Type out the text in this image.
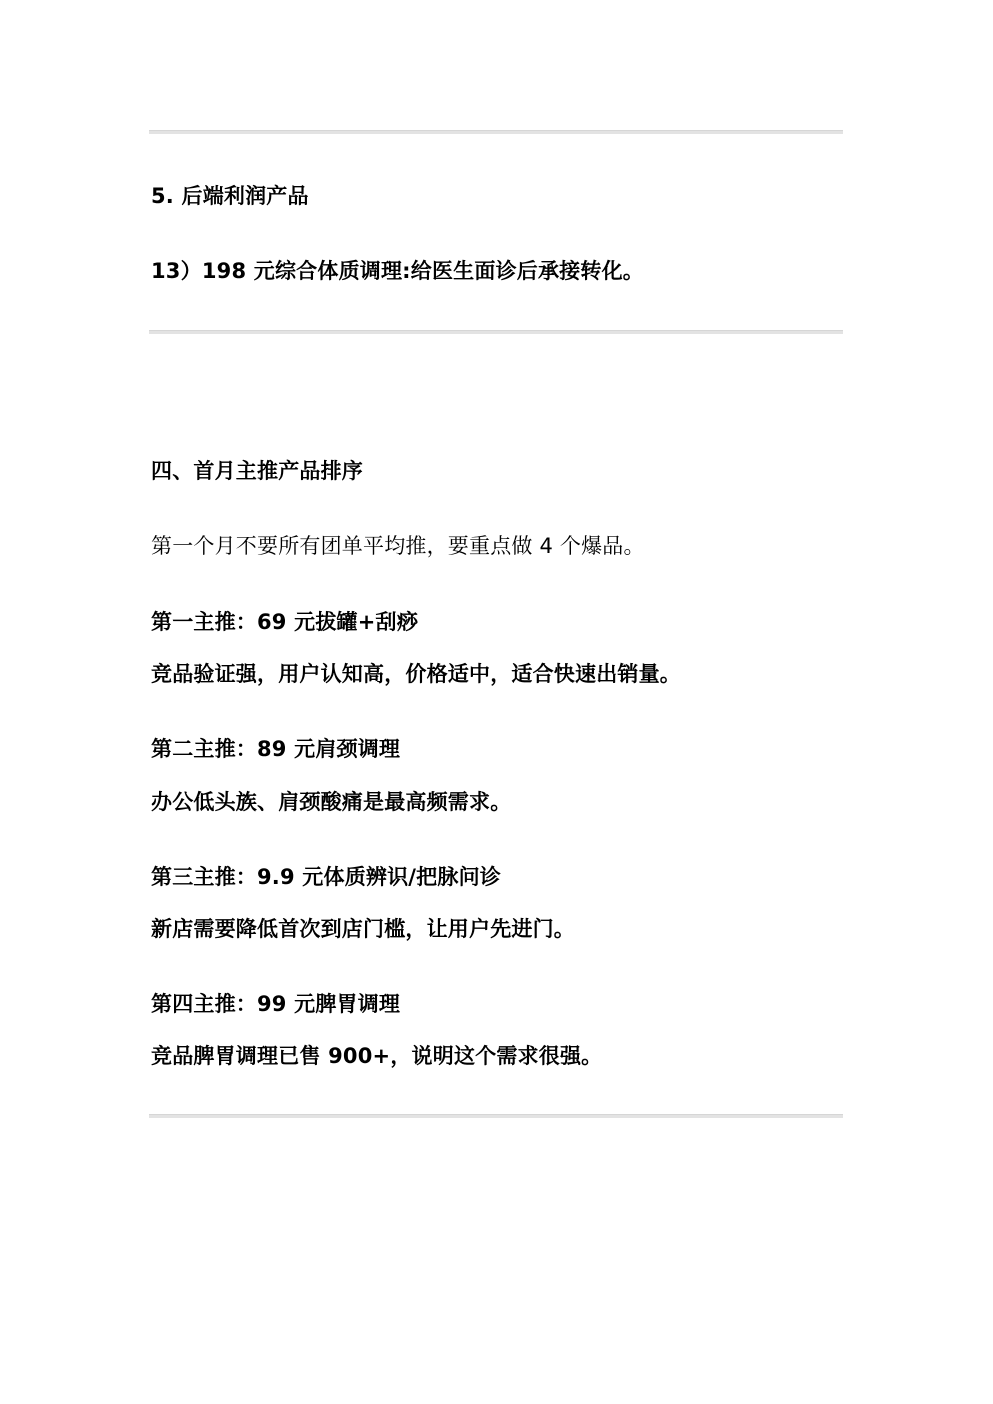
5. 后端利润产品
13）198 元综合体质调理:给医生面诊后承接转化。
四、首月主推产品排序
第一个月不要所有团单平均推，要重点做 4 个爆品。
第一主推：69 元拔罐+刮痧
竞品验证强，用户认知高，价格适中，适合快速出销量。
第二主推：89 元肩颈调理
办公低头族、肩颈酸痛是最高频需求。
第三主推：9.9 元体质辨识/把脉问诊
新店需要降低首次到店门槛，让用户先进门。
第四主推：99 元脾胃调理
竞品脾胃调理已售 900+，说明这个需求很强。
